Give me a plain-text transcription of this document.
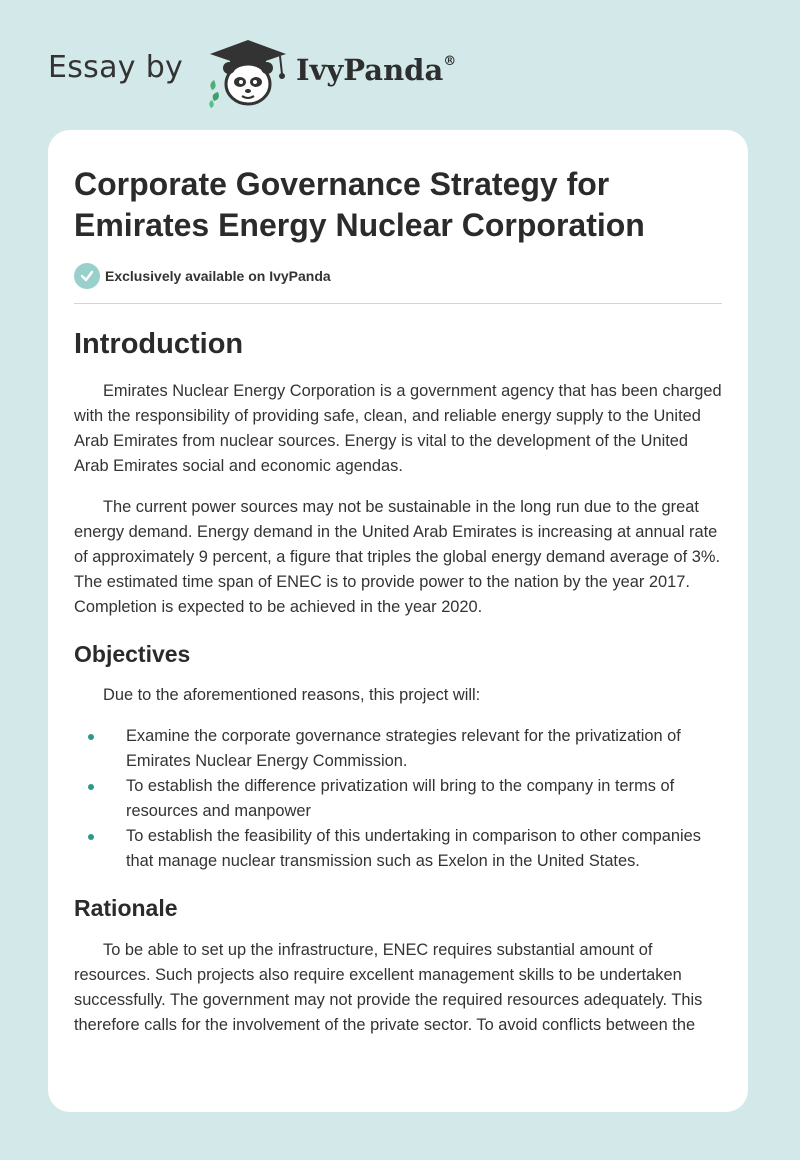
Essay by	IvyPanda®
Corporate Governance Strategy for Emirates Energy Nuclear Corporation
Exclusively available on IvyPanda
Introduction

Emirates Nuclear Energy Corporation is a government agency that has been charged with the responsibility of providing safe, clean, and reliable energy supply to the United Arab Emirates from nuclear sources. Energy is vital to the development of the United Arab Emirates social and economic agendas.

The current power sources may not be sustainable in the long run due to the great energy demand. Energy demand in the United Arab Emirates is increasing at annual rate of approximately 9 percent, a figure that triples the global energy demand average of 3%. The estimated time span of ENEC is to provide power to the nation by the year 2017. Completion is expected to be achieved in the year 2020.

Objectives

Due to the aforementioned reasons, this project will:

Examine the corporate governance strategies relevant for the privatization of Emirates Nuclear Energy Commission.
To establish the difference privatization will bring to the company in terms of resources and manpower
To establish the feasibility of this undertaking in comparison to other companies that manage nuclear transmission such as Exelon in the United States.
Rationale

To be able to set up the infrastructure, ENEC requires substantial amount of resources. Such projects also require excellent management skills to be undertaken successfully. The government may not provide the required resources adequately. This therefore calls for the involvement of the private sector. To avoid conflicts between the
